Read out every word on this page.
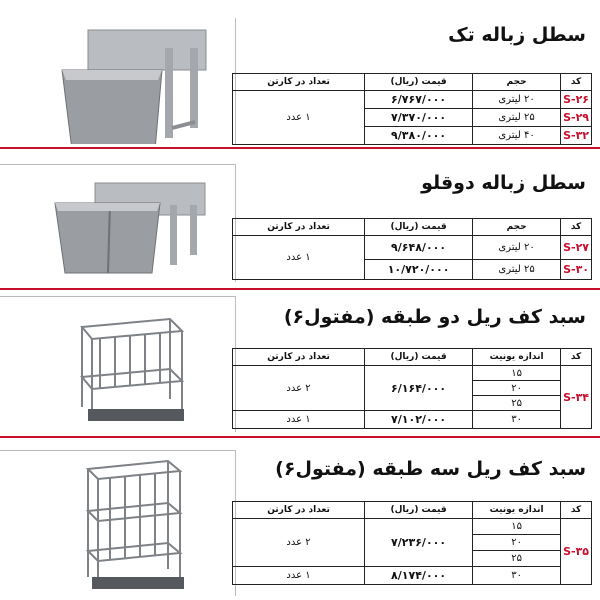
سطل زباله تک
کد	حجم	قیمت (ریال)	تعداد در کارتن
S-۲۶	۲۰ لیتری	۶/۷۶۷/۰۰۰	۱ عدد
S-۲۹	۲۵ لیتری	۷/۳۷۰/۰۰۰	
S-۳۲	۴۰ لیتری	۹/۳۸۰/۰۰۰	
سطل زباله دوقلو
کد	حجم	قیمت (ریال)	تعداد در کارتن
S-۲۷	۲۰ لیتری	۹/۶۴۸/۰۰۰	۱ عدد
S-۳۰	۲۵ لیتری	۱۰/۷۲۰/۰۰۰	
سبد کف ریل دو طبقه (مفتول۶)
کد	اندازه یونیت	قیمت (ریال)	تعداد در کارتن
S-۳۴	۱۵	۶/۱۶۴/۰۰۰	۲ عدد
	۲۰		
	۲۵		
	۳۰	۷/۱۰۲/۰۰۰	۱ عدد
سبد کف ریل سه طبقه (مفتول۶)
کد	اندازه یونیت	قیمت (ریال)	تعداد در کارتن
S-۳۵	۱۵	۷/۲۳۶/۰۰۰	۲ عدد
	۲۰		
	۲۵		
	۳۰	۸/۱۷۴/۰۰۰	۱ عدد
